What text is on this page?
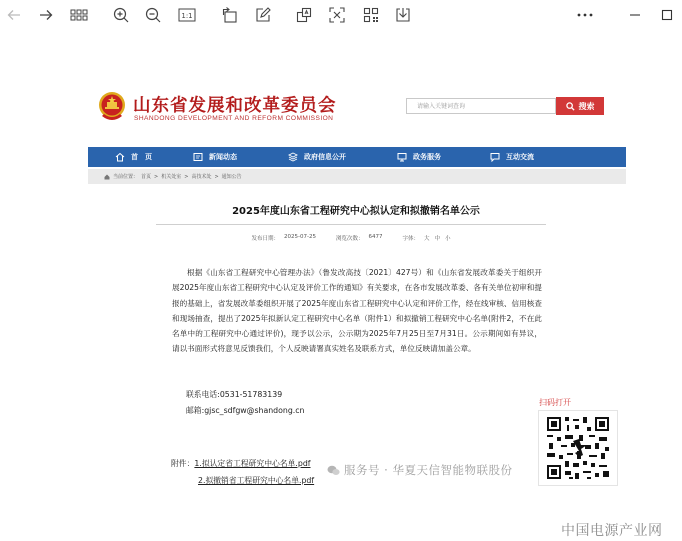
1:1
山东省发展和改革委员会
SHANDONG DEVELOPMENT AND REFORM COMMISSION
请输入关键词查询
搜索
首　页	新闻动态	政府信息公开	政务服务	互动交流
当前位置： 首页 > 机关处室 > 高技术处 > 通知公告
2025年度山东省工程研究中心拟认定和拟撤销名单公示
发布日期： 2025-07-25	浏览次数： 6477	字体： 大 中 小
根据《山东省工程研究中心管理办法》（鲁发改高技〔2021〕427号）和《山东省发展改革委关于组织开展2025年度山东省工程研究中心认定及评价工作的通知》有关要求，在各市发展改革委、各有关单位初审和提报的基础上，省发展改革委组织开展了2025年度山东省工程研究中心认定和评价工作，经在线审核、信用核查和现场抽查，提出了2025年拟新认定工程研究中心名单（附件1）和拟撤销工程研究中心名单(附件2，不在此名单中的工程研究中心通过评价)，现予以公示，公示期为2025年7月25日至7月31日。公示期间如有异议，请以书面形式将意见反馈我们，个人反映请署真实姓名及联系方式，单位反映请加盖公章。
联系电话:0531-51783139
邮箱:gjsc_sdfgw@shandong.cn
附件：1.拟认定省工程研究中心名单.pdf
2.拟撤销省工程研究中心名单.pdf
服务号 · 华夏天信智能物联股份
扫码打开
中国电源产业网
